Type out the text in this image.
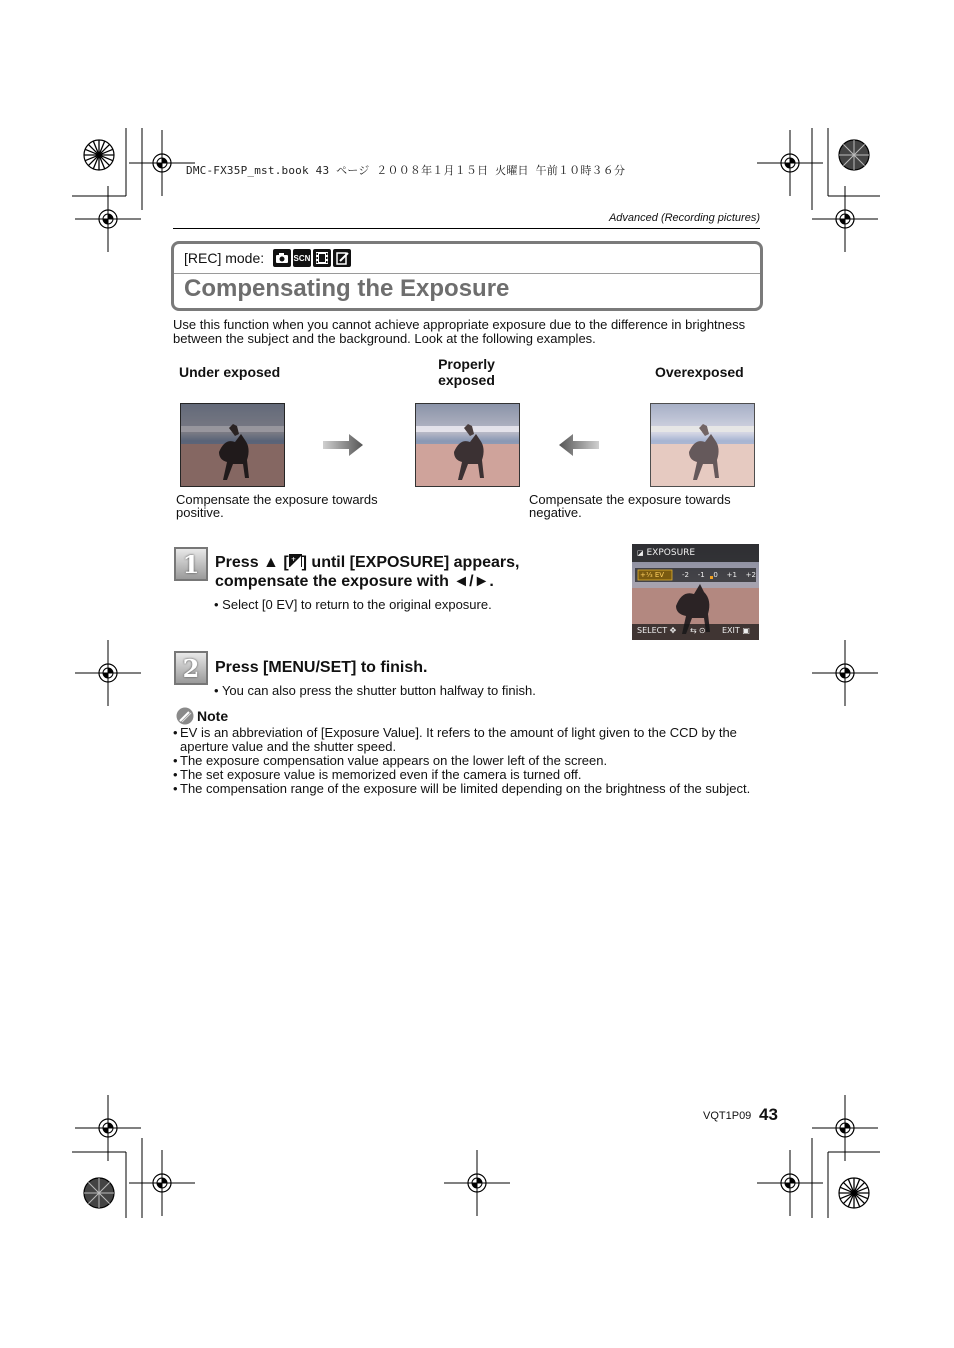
DMC-FX35P_mst.book 43 ページ ２００８年１月１５日 火曜日 午前１０時３６分
Advanced (Recording pictures)
[REC] mode:	SCN
Compensating the Exposure
Use this function when you cannot achieve appropriate exposure due to the difference in brightness between the subject and the background. Look at the following examples.
Under exposed	Properly
exposed	Overexposed
Compensate the exposure towards
positive.
Compensate the exposure towards
negative.
1 Press ▲ [ + ] until [EXPOSURE] appears,
compensate the exposure with ◄/►.
• Select [0 EV] to return to the original exposure.
◪ EXPOSURE
+⅓ EV	-2 -1 0 +1 +2
SELECT ✥ ⇆ ⊙ EXIT ▣
2 Press [MENU/SET] to finish.
• You can also press the shutter button halfway to finish.
Note
• EV is an abbreviation of [Exposure Value]. It refers to the amount of light given to the CCD by the aperture value and the shutter speed.
• The exposure compensation value appears on the lower left of the screen.
• The set exposure value is memorized even if the camera is turned off.
• The compensation range of the exposure will be limited depending on the brightness of the subject.
VQT1P09 43
